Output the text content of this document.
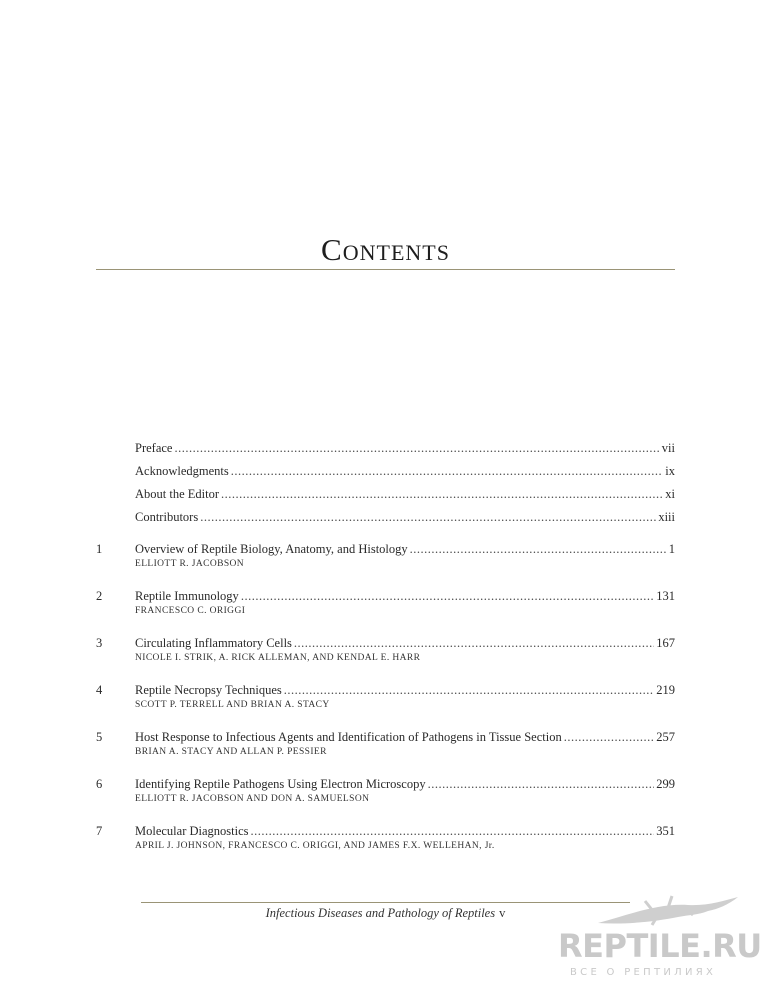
Contents
Preface .....	vii
Acknowledgments .....	ix
About the Editor .....	xi
Contributors .....	xiii
1	Overview of Reptile Biology, Anatomy, and Histology .....	1
ELLIOTT R. JACOBSON
2	Reptile Immunology .....	131
FRANCESCO C. ORIGGI
3	Circulating Inflammatory Cells .....	167
NICOLE I. STRIK, A. RICK ALLEMAN, AND KENDAL E. HARR
4	Reptile Necropsy Techniques .....	219
SCOTT P. TERRELL AND BRIAN A. STACY
5	Host Response to Infectious Agents and Identification of Pathogens in Tissue Section .....	257
BRIAN A. STACY AND ALLAN P. PESSIER
6	Identifying Reptile Pathogens Using Electron Microscopy .....	299
ELLIOTT R. JACOBSON AND DON A. SAMUELSON
7	Molecular Diagnostics .....	351
APRIL J. JOHNSON, FRANCESCO C. ORIGGI, AND JAMES F.X. WELLEHAN, Jr.
Infectious Diseases and Pathology of Reptiles v
REPTILE.RU
ВСЕ О РЕПТИЛИЯХ
